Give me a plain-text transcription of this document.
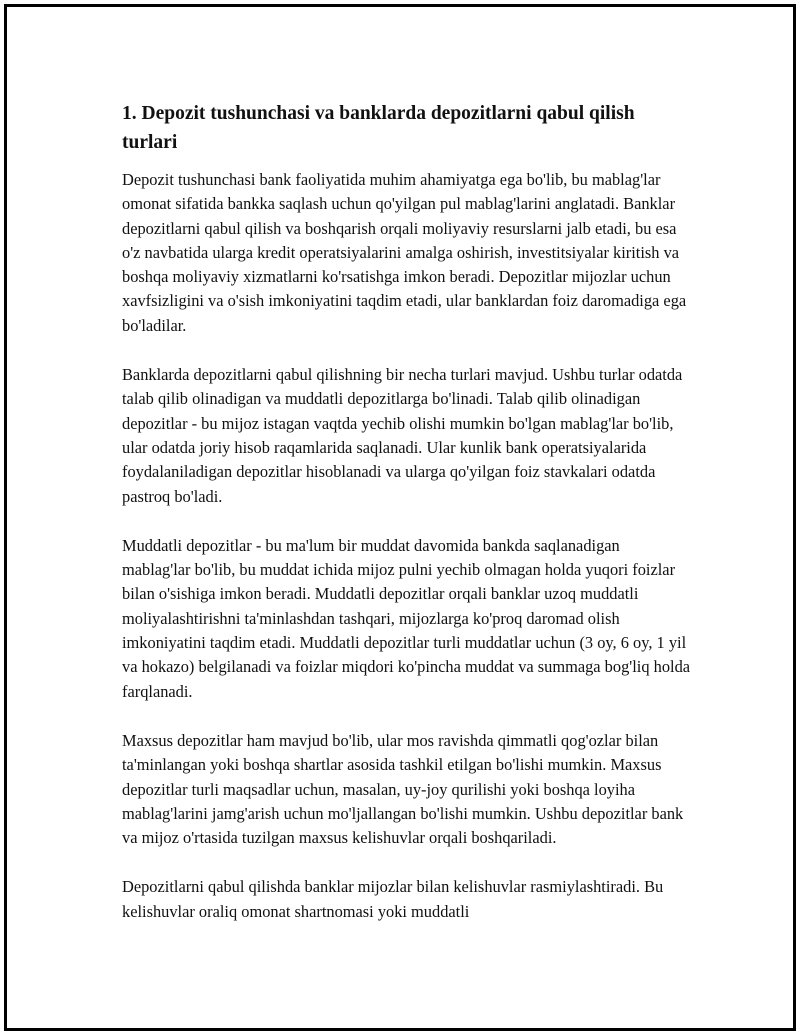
1. Depozit tushunchasi va banklarda depozitlarni qabul qilish turlari

Depozit tushunchasi bank faoliyatida muhim ahamiyatga ega bo'lib, bu mablag'lar omonat sifatida bankka saqlash uchun qo'yilgan pul mablag'larini anglatadi. Banklar depozitlarni qabul qilish va boshqarish orqali moliyaviy resurslarni jalb etadi, bu esa o'z navbatida ularga kredit operatsiyalarini amalga oshirish, investitsiyalar kiritish va boshqa moliyaviy xizmatlarni ko'rsatishga imkon beradi. Depozitlar mijozlar uchun xavfsizligini va o'sish imkoniyatini taqdim etadi, ular banklardan foiz daromadiga ega bo'ladilar.

Banklarda depozitlarni qabul qilishning bir necha turlari mavjud. Ushbu turlar odatda talab qilib olinadigan va muddatli depozitlarga bo'linadi. Talab qilib olinadigan depozitlar - bu mijoz istagan vaqtda yechib olishi mumkin bo'lgan mablag'lar bo'lib, ular odatda joriy hisob raqamlarida saqlanadi. Ular kunlik bank operatsiyalarida foydalaniladigan depozitlar hisoblanadi va ularga qo'yilgan foiz stavkalari odatda pastroq bo'ladi.

Muddatli depozitlar - bu ma'lum bir muddat davomida bankda saqlanadigan mablag'lar bo'lib, bu muddat ichida mijoz pulni yechib olmagan holda yuqori foizlar bilan o'sishiga imkon beradi. Muddatli depozitlar orqali banklar uzoq muddatli moliyalashtirishni ta'minlashdan tashqari, mijozlarga ko'proq daromad olish imkoniyatini taqdim etadi. Muddatli depozitlar turli muddatlar uchun (3 oy, 6 oy, 1 yil va hokazo) belgilanadi va foizlar miqdori ko'pincha muddat va summaga bog'liq holda farqlanadi.

Maxsus depozitlar ham mavjud bo'lib, ular mos ravishda qimmatli qog'ozlar bilan ta'minlangan yoki boshqa shartlar asosida tashkil etilgan bo'lishi mumkin. Maxsus depozitlar turli maqsadlar uchun, masalan, uy-joy qurilishi yoki boshqa loyiha mablag'larini jamg'arish uchun mo'ljallangan bo'lishi mumkin. Ushbu depozitlar bank va mijoz o'rtasida tuzilgan maxsus kelishuvlar orqali boshqariladi.

Depozitlarni qabul qilishda banklar mijozlar bilan kelishuvlar rasmiylashtiradi. Bu kelishuvlar oraliq omonat shartnomasi yoki muddatli
